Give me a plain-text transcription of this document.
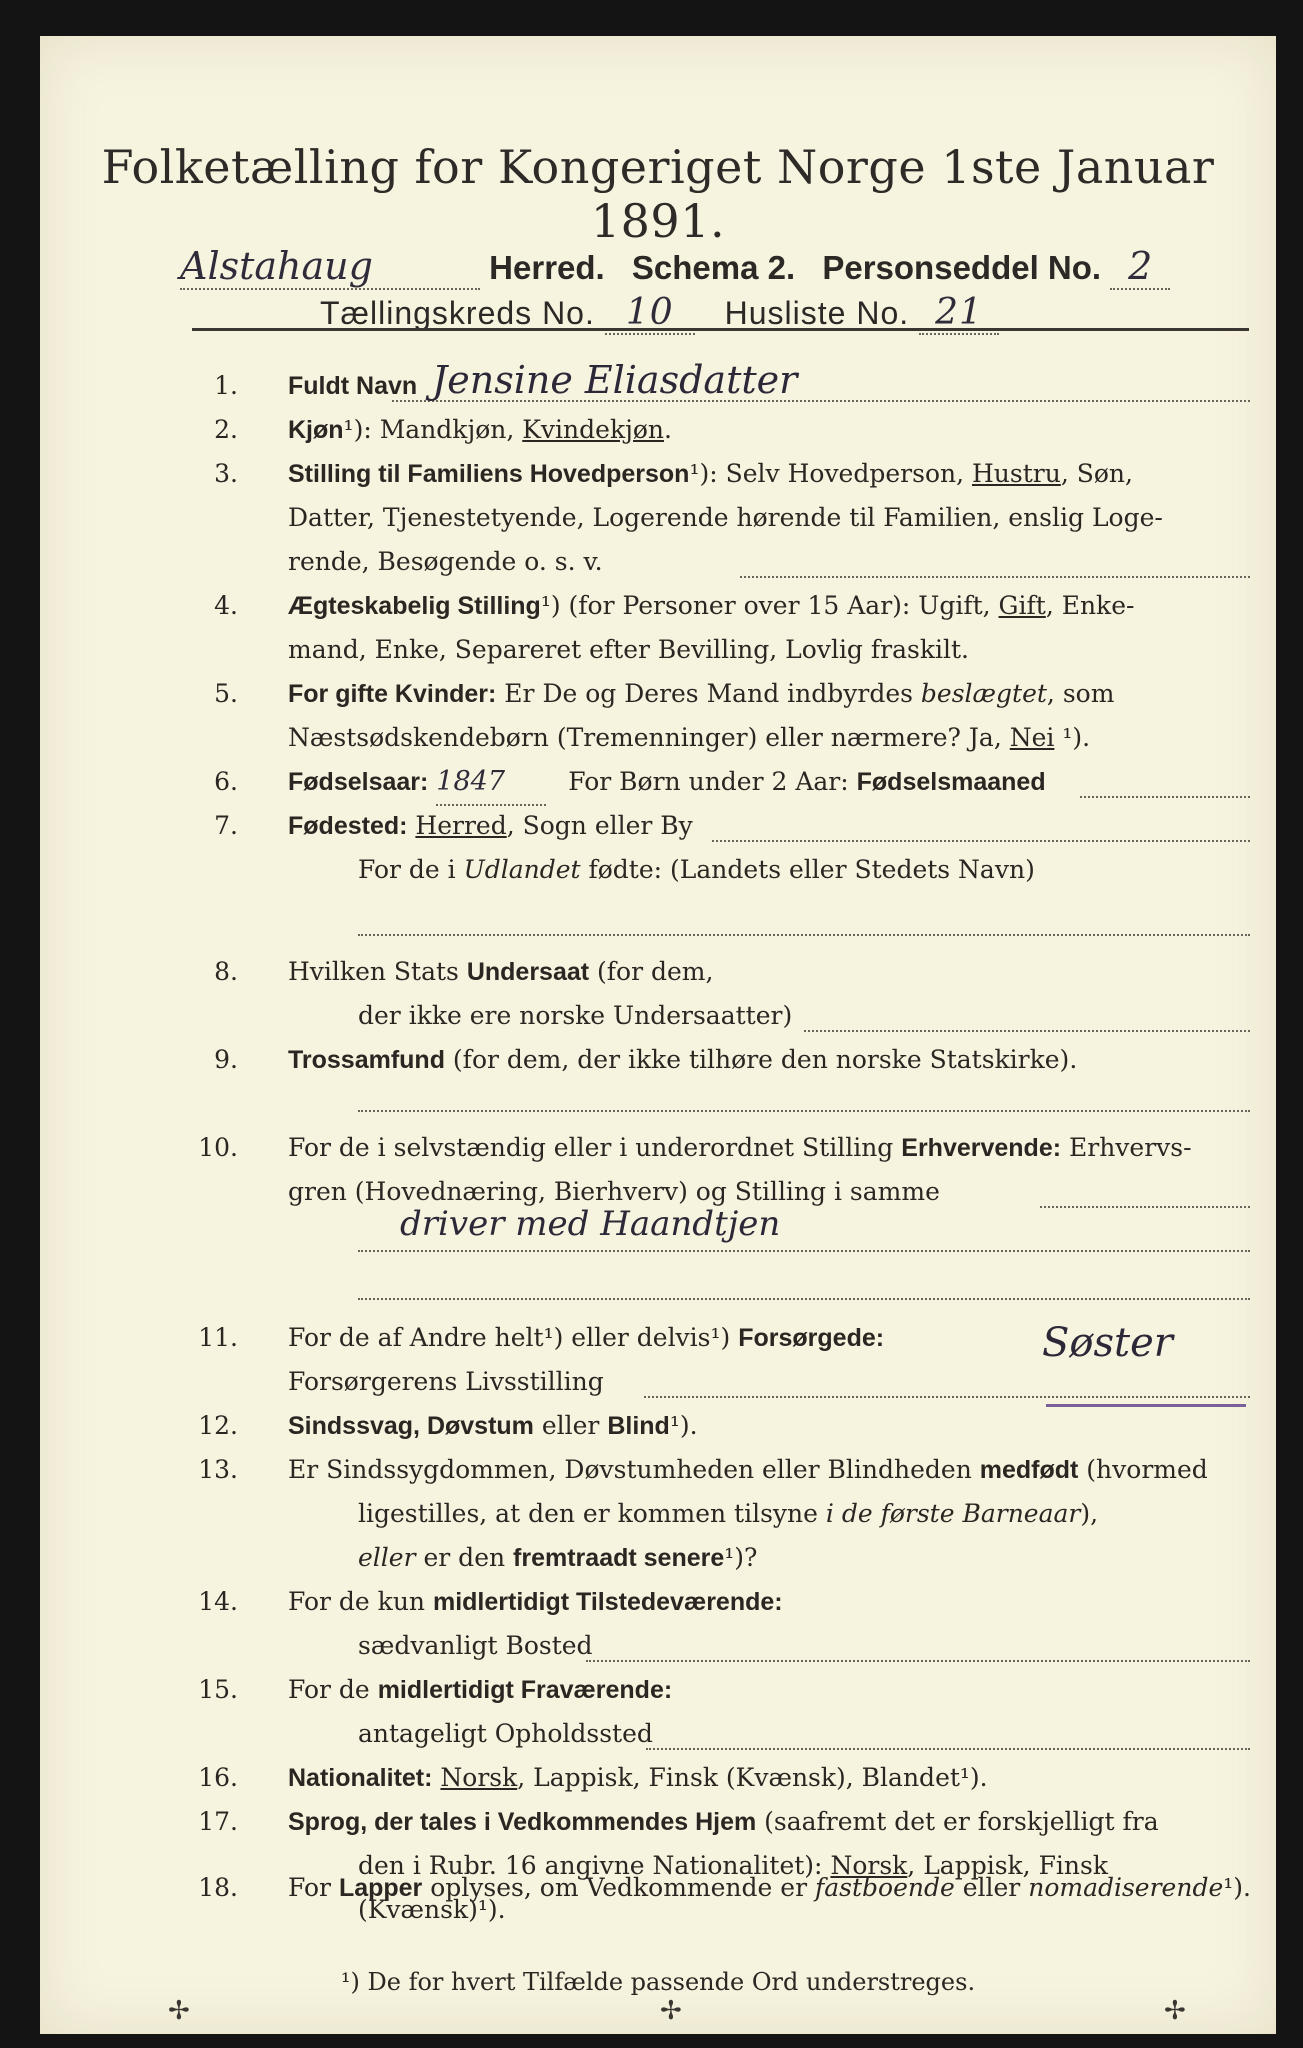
Folketælling for Kongeriget Norge 1ste Januar 1891.
Alstahaug	Herred. Schema 2. Personseddel No. 2
Tællingskreds No. 10 Husliste No. 21
1. Fuldt Navn Jensine Eliasdatter
2. Kjøn¹): Mandkjøn, Kvindekjøn.
3. Stilling til Familiens Hovedperson¹): Selv Hovedperson, Hustru, Søn,
Datter, Tjenestetyende, Logerende hørende til Familien, enslig Loge-
rende, Besøgende o. s. v.
4. Ægteskabelig Stilling¹) (for Personer over 15 Aar): Ugift, Gift, Enke-
mand, Enke, Separeret efter Bevilling, Lovlig fraskilt.
5. For gifte Kvinder: Er De og Deres Mand indbyrdes beslægtet, som
Næstsødskendebørn (Tremenninger) eller nærmere? Ja, Nei ¹).
6. Fødselsaar: 1847	For Børn under 2 Aar: Fødselsmaaned
7. Fødested: Herred, Sogn eller By
For de i Udlandet fødte: (Landets eller Stedets Navn)
8. Hvilken Stats Undersaat (for dem,
der ikke ere norske Undersaatter)
9. Trossamfund (for dem, der ikke tilhøre den norske Statskirke).
10. For de i selvstændig eller i underordnet Stilling Erhvervende: Erhvervs-
gren (Hovednæring, Bierhverv) og Stilling i samme
driver med Haandtjen
11. For de af Andre helt¹) eller delvis¹) Forsørgede:
Forsørgerens Livsstilling
Søster
12. Sindssvag, Døvstum eller Blind¹).
13. Er Sindssygdommen, Døvstumheden eller Blindheden medfødt (hvormed
ligestilles, at den er kommen tilsyne i de første Barneaar),
eller er den fremtraadt senere¹)?
14. For de kun midlertidigt Tilstedeværende:
sædvanligt Bosted
15. For de midlertidigt Fraværende:
antageligt Opholdssted
16. Nationalitet: Norsk, Lappisk, Finsk (Kvænsk), Blandet¹).
17. Sprog, der tales i Vedkommendes Hjem (saafremt det er forskjelligt fra
den i Rubr. 16 angivne Nationalitet): Norsk, Lappisk, Finsk (Kvænsk)¹).
18. For Lapper oplyses, om Vedkommende er fastboende eller nomadiserende¹).
¹) De for hvert Tilfælde passende Ord understreges.
✢	✢	✢
